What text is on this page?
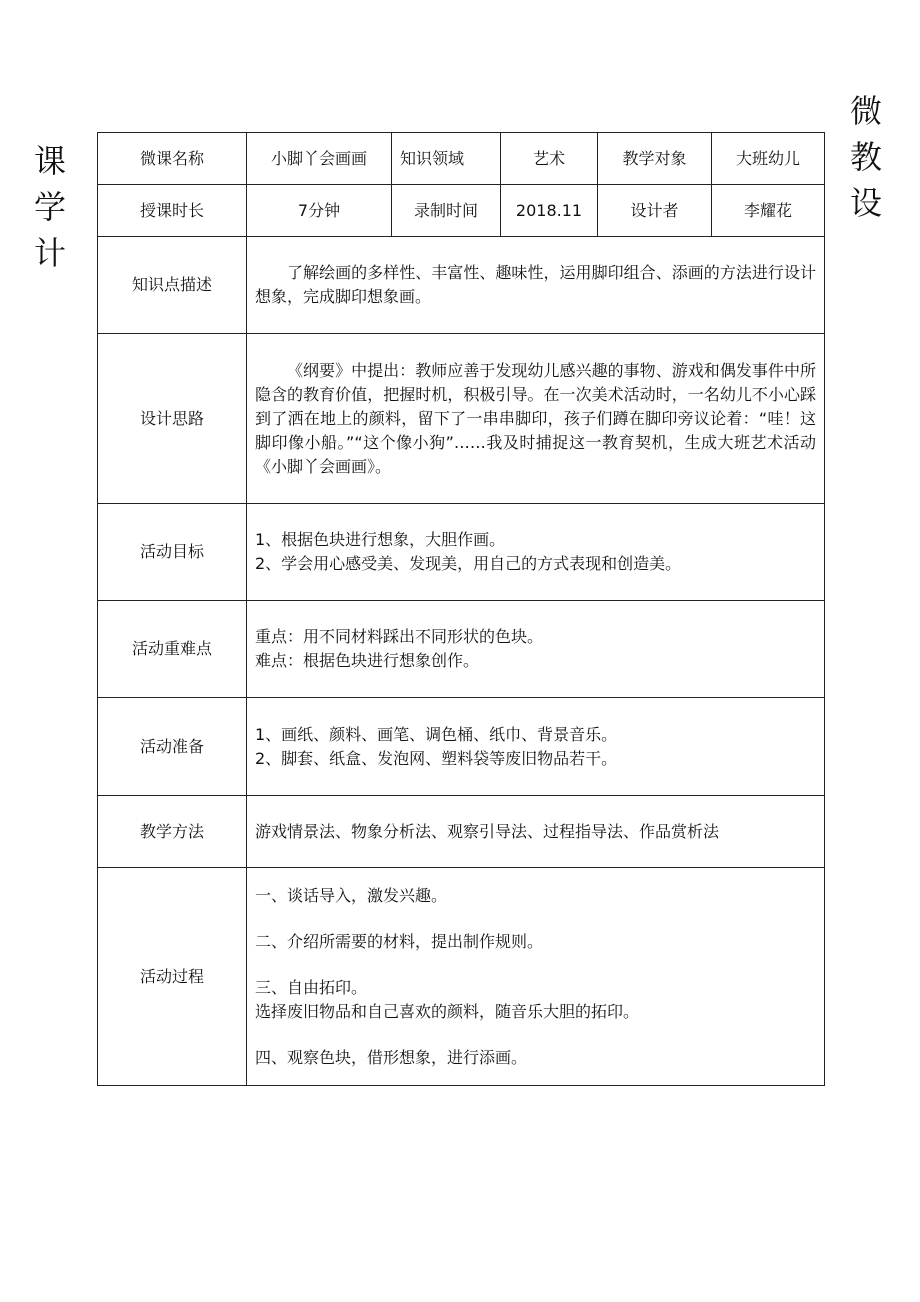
课
学
计
微
教
设
微课名称	小脚丫会画画	知识领域	艺术	教学对象	大班幼儿
授课时长	7分钟	录制时间	2018.11	设计者	李耀花
知识点描述	了解绘画的多样性、丰富性、趣味性，运用脚印组合、添画的方法进行设计想象，完成脚印想象画。				

设计思路	《纲要》中提出：教师应善于发现幼儿感兴趣的事物、游戏和偶发事件中所隐含的教育价值，把握时机，积极引导。在一次美术活动时，一名幼儿不小心踩到了洒在地上的颜料，留下了一串串脚印，孩子们蹲在脚印旁议论着：“哇！这脚印像小船。”“这个像小狗”……我及时捕捉这一教育契机，生成大班艺术活动《小脚丫会画画》。				

活动目标	1、根据色块进行想象，大胆作画。
2、学会用心感受美、发现美，用自己的方式表现和创造美。				

活动重难点	重点：用不同材料踩出不同形状的色块。
难点：根据色块进行想象创作。				

活动准备	1、画纸、颜料、画笔、调色桶、纸巾、背景音乐。
2、脚套、纸盒、发泡网、塑料袋等废旧物品若干。				

教学方法	游戏情景法、物象分析法、观察引导法、过程指导法、作品赏析法				
活动过程	一、谈话导入，激发兴趣。
二、介绍所需要的材料，提出制作规则。
三、自由拓印。
选择废旧物品和自己喜欢的颜料，随音乐大胆的拓印。
四、观察色块，借形想象，进行添画。				
